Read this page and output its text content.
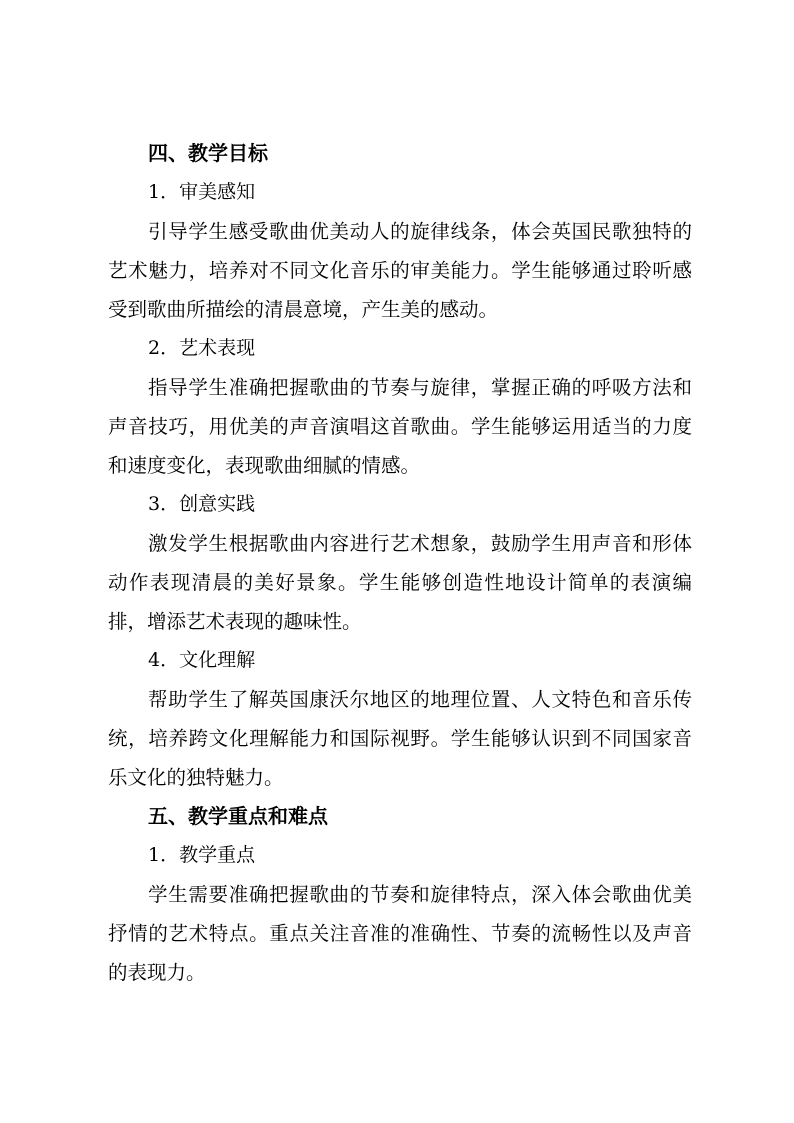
四、教学目标

1．审美感知

引导学生感受歌曲优美动人的旋律线条，体会英国民歌独特的艺术魅力，培养对不同文化音乐的审美能力。学生能够通过聆听感受到歌曲所描绘的清晨意境，产生美的感动。

2．艺术表现

指导学生准确把握歌曲的节奏与旋律，掌握正确的呼吸方法和声音技巧，用优美的声音演唱这首歌曲。学生能够运用适当的力度和速度变化，表现歌曲细腻的情感。

3．创意实践

激发学生根据歌曲内容进行艺术想象，鼓励学生用声音和形体动作表现清晨的美好景象。学生能够创造性地设计简单的表演编排，增添艺术表现的趣味性。

4．文化理解

帮助学生了解英国康沃尔地区的地理位置、人文特色和音乐传统，培养跨文化理解能力和国际视野。学生能够认识到不同国家音乐文化的独特魅力。

五、教学重点和难点

1．教学重点

学生需要准确把握歌曲的节奏和旋律特点，深入体会歌曲优美抒情的艺术特点。重点关注音准的准确性、节奏的流畅性以及声音的表现力。
